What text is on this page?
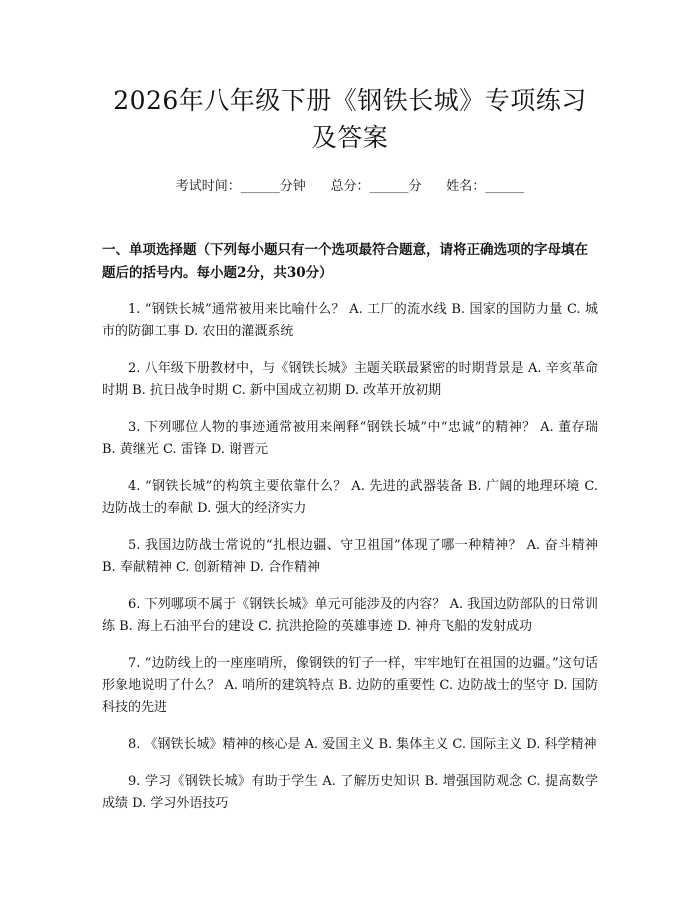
2026年八年级下册《钢铁长城》专项练习及答案
考试时间：______分钟      总分：______分      姓名：______
一、单项选择题（下列每小题只有一个选项最符合题意，请将正确选项的字母填在题后的括号内。每小题2分，共30分）

1. “钢铁长城”通常被用来比喻什么？ A. 工厂的流水线 B. 国家的国防力量 C. 城市的防御工事 D. 农田的灌溉系统

2. 八年级下册教材中，与《钢铁长城》主题关联最紧密的时期背景是 A. 辛亥革命时期 B. 抗日战争时期 C. 新中国成立初期 D. 改革开放初期

3. 下列哪位人物的事迹通常被用来阐释“钢铁长城”中“忠诚”的精神？ A. 董存瑞 B. 黄继光 C. 雷锋 D. 谢晋元

4. “钢铁长城”的构筑主要依靠什么？ A. 先进的武器装备 B. 广阔的地理环境 C. 边防战士的奉献 D. 强大的经济实力

5. 我国边防战士常说的“扎根边疆、守卫祖国”体现了哪一种精神？ A. 奋斗精神 B. 奉献精神 C. 创新精神 D. 合作精神

6. 下列哪项不属于《钢铁长城》单元可能涉及的内容？ A. 我国边防部队的日常训练 B. 海上石油平台的建设 C. 抗洪抢险的英雄事迹 D. 神舟飞船的发射成功

7. “边防线上的一座座哨所，像钢铁的钉子一样，牢牢地钉在祖国的边疆。”这句话形象地说明了什么？ A. 哨所的建筑特点 B. 边防的重要性 C. 边防战士的坚守 D. 国防科技的先进

8. 《钢铁长城》精神的核心是 A. 爱国主义 B. 集体主义 C. 国际主义 D. 科学精神

9. 学习《钢铁长城》有助于学生 A. 了解历史知识 B. 增强国防观念 C. 提高数学成绩 D. 学习外语技巧
